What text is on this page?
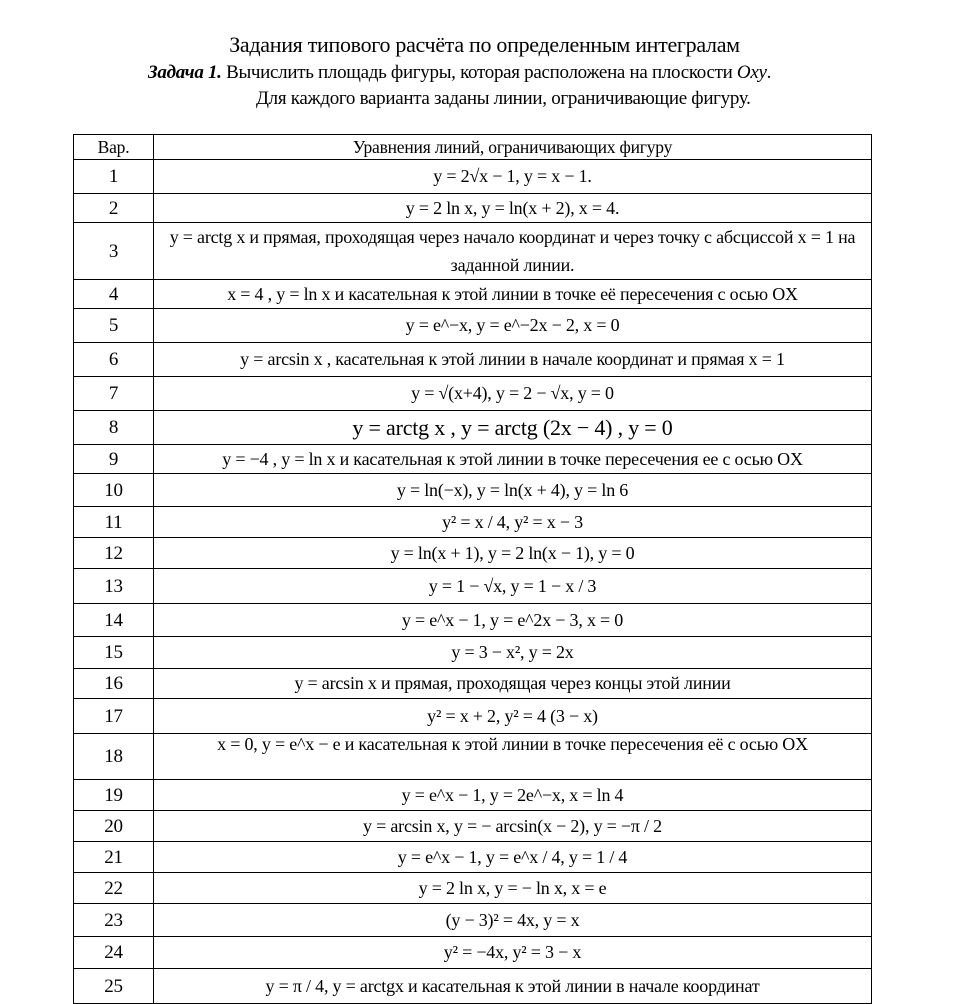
Задания типового расчёта по определенным интегралам
Задача 1. Вычислить площадь фигуры, которая расположена на плоскости Oxy.
Для каждого варианта заданы линии, ограничивающие фигуру.
Вар.	Уравнения линий, ограничивающих фигуру
1	y = 2√x − 1, y = x − 1.
2	y = 2 ln x, y = ln(x + 2), x = 4.
3	y = arctg x и прямая, проходящая через начало координат и через точку с абсциссой x = 1 на заданной линии.
4	x = 4 , y = ln x и касательная к этой линии в точке её пересечения с осью OX
5	y = e^−x, y = e^−2x − 2, x = 0
6	y = arcsin x , касательная к этой линии в начале координат и прямая x = 1
7	y = √(x+4), y = 2 − √x, y = 0
8	y = arctg x , y = arctg (2x − 4) , y = 0
9	y = −4 , y = ln x и касательная к этой линии в точке пересечения ее с осью OX
10	y = ln(−x), y = ln(x + 4), y = ln 6
11	y² = x / 4, y² = x − 3
12	y = ln(x + 1), y = 2 ln(x − 1), y = 0
13	y = 1 − √x, y = 1 − x / 3
14	y = e^x − 1, y = e^2x − 3, x = 0
15	y = 3 − x², y = 2x
16	y = arcsin x и прямая, проходящая через концы этой линии
17	y² = x + 2, y² = 4 (3 − x)
18	x = 0, y = e^x − e и касательная к этой линии в точке пересечения её с осью OX
19	y = e^x − 1, y = 2e^−x, x = ln 4
20	y = arcsin x, y = − arcsin(x − 2), y = −π / 2
21	y = e^x − 1, y = e^x / 4, y = 1 / 4
22	y = 2 ln x, y = − ln x, x = e
23	(y − 3)² = 4x, y = x
24	y² = −4x, y² = 3 − x
25	y = π / 4, y = arctgx и касательная к этой линии в начале координат
